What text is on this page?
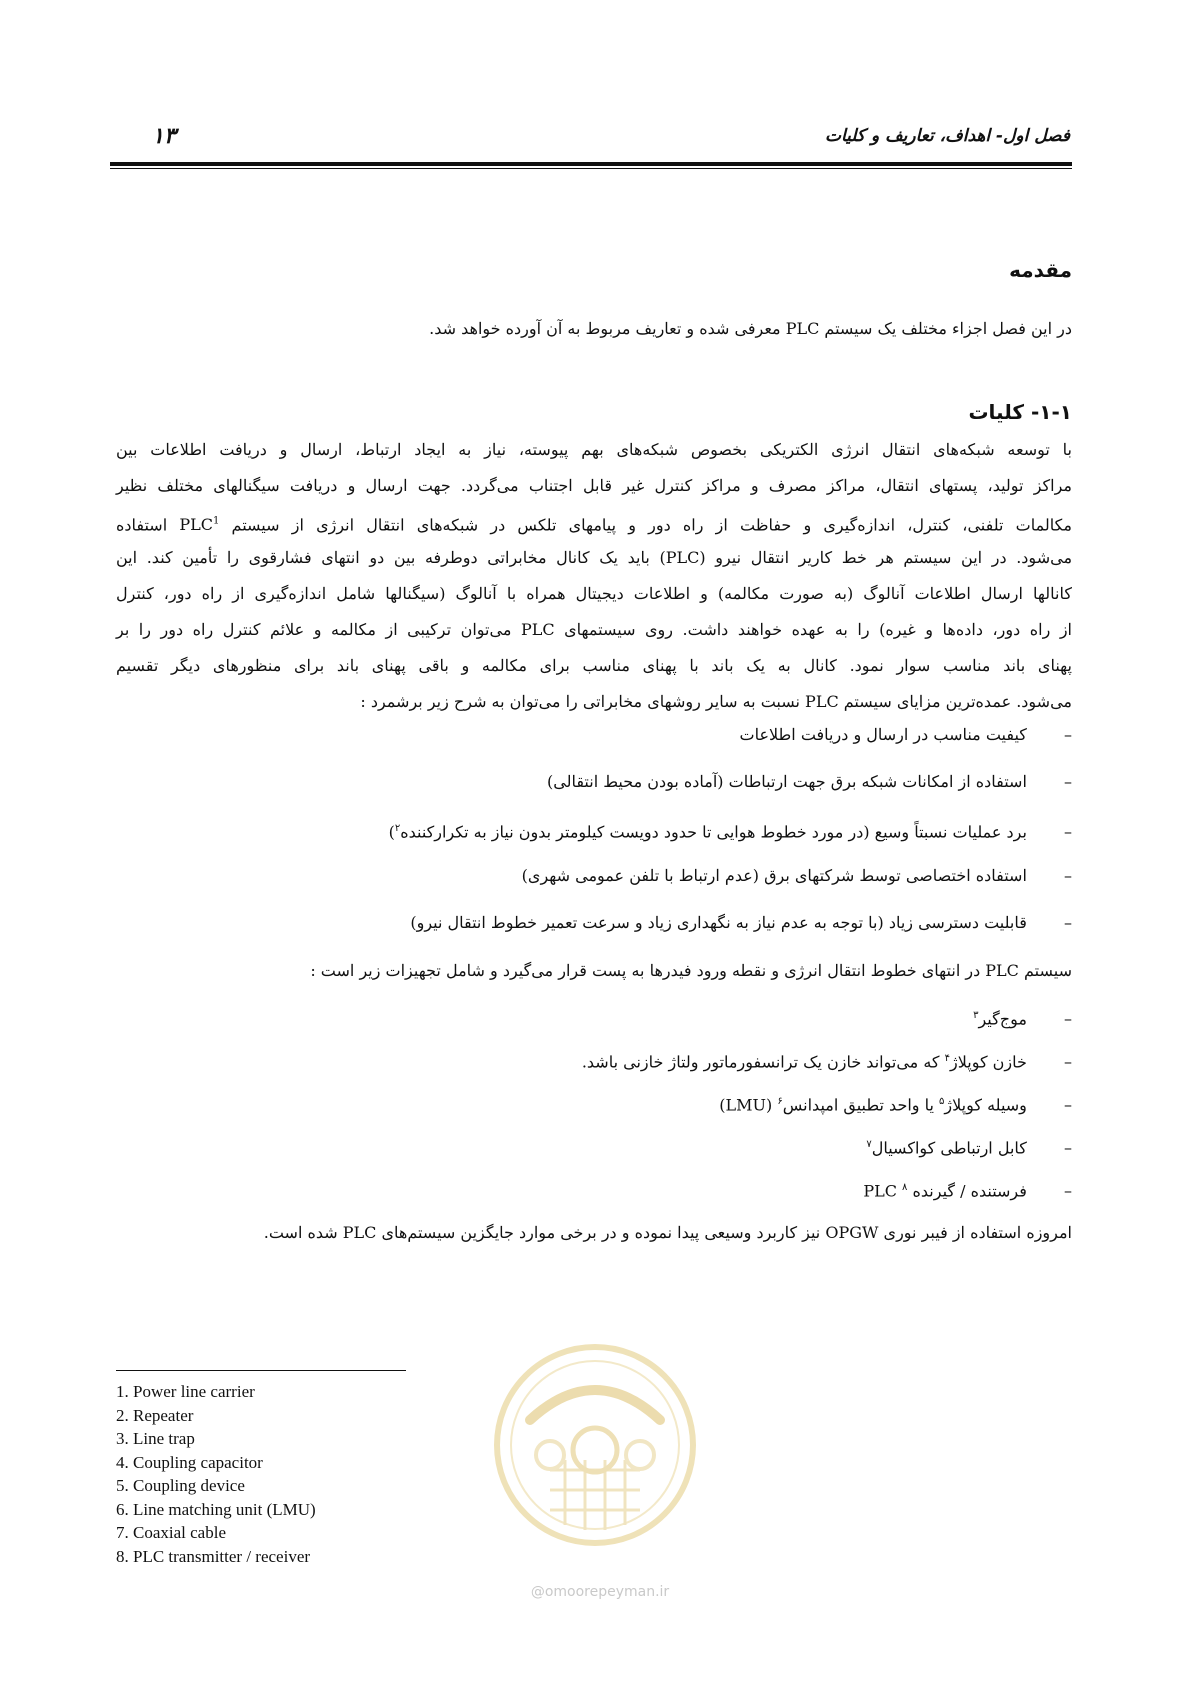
فصل اول- اهداف، تعاریف و کلیات
۱۳
مقدمه
در این فصل اجزاء مختلف یک سیستم PLC معرفی شده و تعاریف مربوط به آن آورده خواهد شد.
۱-۱- کلیات
با توسعه شبکه‌های انتقال انرژی الکتریکی بخصوص شبکه‌های بهم پیوسته، نیاز به ایجاد ارتباط، ارسال و دریافت اطلاعات بین
مراکز تولید، پستهای انتقال، مراکز مصرف و مراکز کنترل غیر قابل اجتناب می‌گردد. جهت ارسال و دریافت سیگنالهای مختلف نظیر
مکالمات تلفنی، کنترل، اندازه‌گیری و حفاظت از راه دور و پیامهای تلکس در شبکه‌های انتقال انرژی از سیستم PLC$^1$ استفاده
می‌شود. در این سیستم هر خط کاریر انتقال نیرو (PLC) باید یک کانال مخابراتی دوطرفه بین دو انتهای فشارقوی را تأمین کند. این
کانالها ارسال اطلاعات آنالوگ (به صورت مکالمه) و اطلاعات دیجیتال همراه با آنالوگ (سیگنالها شامل اندازه‌گیری از راه دور، کنترل
از راه دور، داده‌ها و غیره) را به عهده خواهند داشت. روی سیستمهای PLC می‌توان ترکیبی از مکالمه و علائم کنترل راه دور را بر
پهنای باند مناسب سوار نمود. کانال به یک باند با پهنای مناسب برای مکالمه و باقی پهنای باند برای منظورهای دیگر تقسیم
می‌شود. عمده‌ترین مزایای سیستم PLC نسبت به سایر روشهای مخابراتی را می‌توان به شرح زیر برشمرد :
– کیفیت مناسب در ارسال و دریافت اطلاعات
– استفاده از امکانات شبکه برق جهت ارتباطات (آماده بودن محیط انتقالی)
– برد عملیات نسبتاً وسیع (در مورد خطوط هوایی تا حدود دویست کیلومتر بدون نیاز به تکرارکننده$^۲$)
– استفاده اختصاصی توسط شرکتهای برق (عدم ارتباط با تلفن عمومی شهری)
– قابلیت دسترسی زیاد (با توجه به عدم نیاز به نگهداری زیاد و سرعت تعمیر خطوط انتقال نیرو)
سیستم PLC در انتهای خطوط انتقال انرژی و نقطه ورود فیدرها به پست قرار می‌گیرد و شامل تجهیزات زیر است :
– موج‌گیر$^۳$
– خازن کوپلاژ$^۴$ که می‌تواند خازن یک ترانسفورماتور ولتاژ خازنی باشد.
– وسیله کوپلاژ$^۵$ یا واحد تطبیق امپدانس$^۶$ (LMU)
– کابل ارتباطی کواکسیال$^۷$
– فرستنده / گیرنده PLC $^۸$
امروزه استفاده از فیبر نوری OPGW نیز کاربرد وسیعی پیدا نموده و در برخی موارد جایگزین سیستم‌های PLC شده است.
1. Power line carrier
2. Repeater
3. Line trap
4. Coupling capacitor
5. Coupling device
6. Line matching unit (LMU)
7. Coaxial cable
8. PLC transmitter / receiver
@omoorepeyman.ir
